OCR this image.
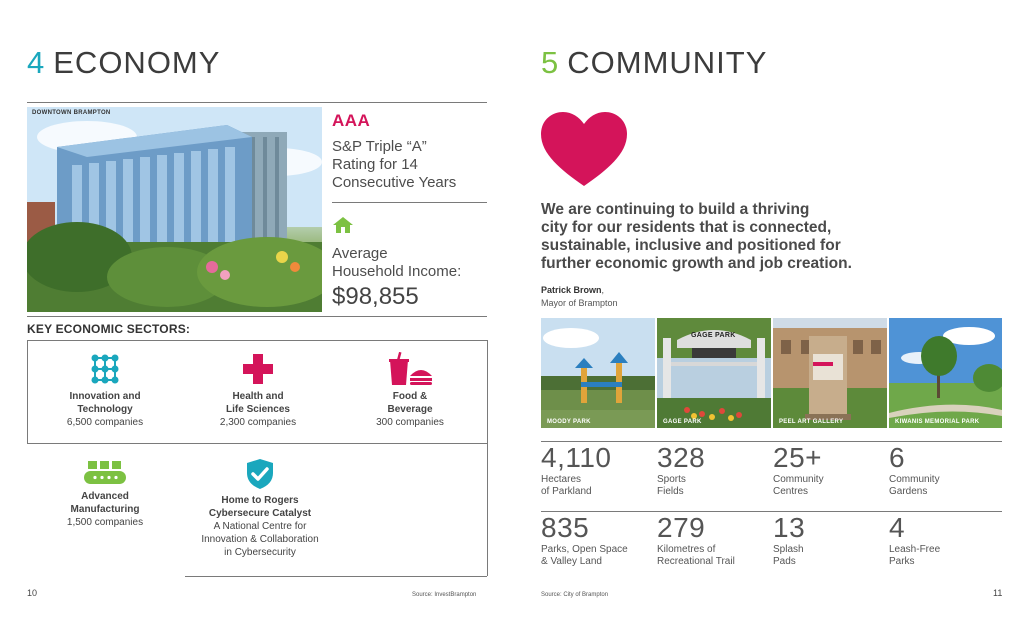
4 ECONOMY
DOWNTOWN BRAMPTON	AAA
S&P Triple “A”
Rating for 14
Consecutive Years
Average
Household Income:
$98,855
KEY ECONOMIC SECTORS:
Innovation and
Technology
6,500 companies
Health and
Life Sciences
2,300 companies
Food &
Beverage
300 companies
Advanced
Manufacturing
1,500 companies
Home to Rogers
Cybersecure Catalyst
A National Centre for
Innovation & Collaboration
in Cybersecurity
10	Source: InvestBrampton
5 COMMUNITY
We are continuing to build a thriving
city for our residents that is connected,
sustainable, inclusive and positioned for
further economic growth and job creation.
Patrick Brown,
Mayor of Brampton
MOODY PARK
GAGE PARK
GAGE PARK	PEEL ART GALLERY	KIWANIS MEMORIAL PARK
4,110
Hectares
of Parkland
328
Sports
Fields
25+
Community
Centres
6
Community
Gardens
835
Parks, Open Space
& Valley Land
279
Kilometres of
Recreational Trail
13
Splash
Pads
4
Leash-Free
Parks
Source: City of Brampton	11
